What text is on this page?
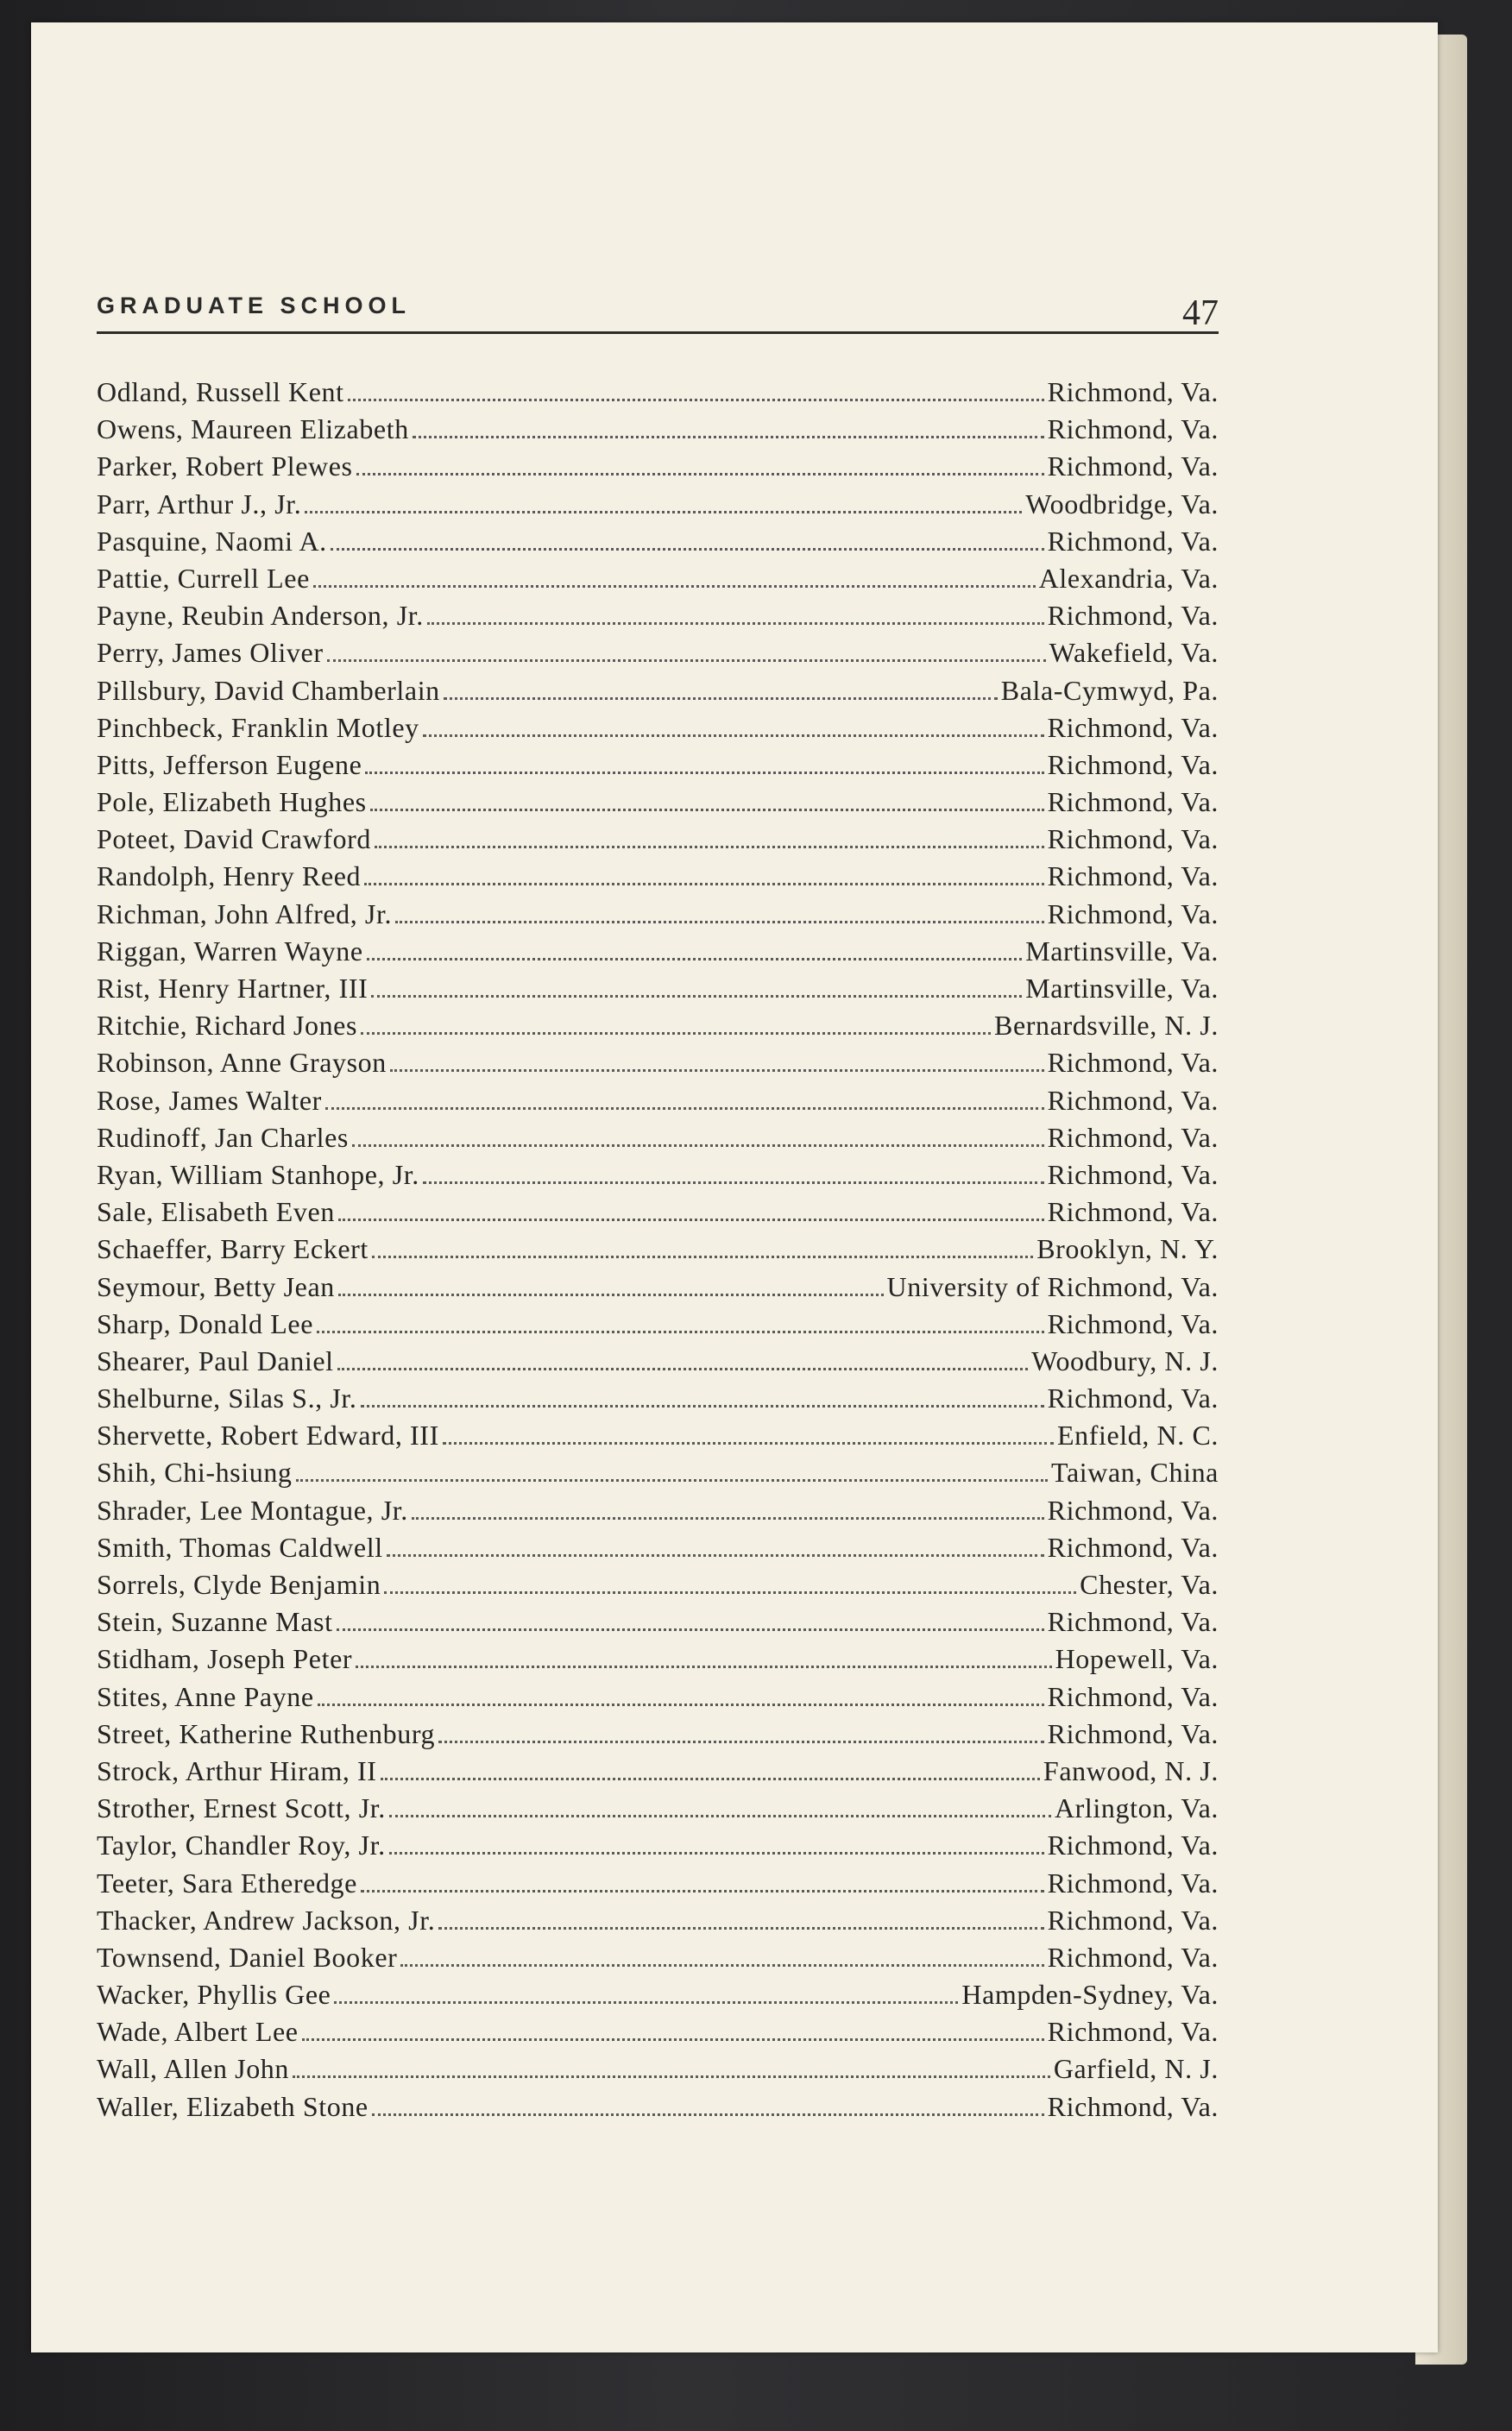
GRADUATE SCHOOL	47
Odland, Russell Kent	Richmond, Va.
Owens, Maureen Elizabeth	Richmond, Va.
Parker, Robert Plewes	Richmond, Va.
Parr, Arthur J., Jr.	Woodbridge, Va.
Pasquine, Naomi A.	Richmond, Va.
Pattie, Currell Lee	Alexandria, Va.
Payne, Reubin Anderson, Jr.	Richmond, Va.
Perry, James Oliver	Wakefield, Va.
Pillsbury, David Chamberlain	Bala-Cymwyd, Pa.
Pinchbeck, Franklin Motley	Richmond, Va.
Pitts, Jefferson Eugene	Richmond, Va.
Pole, Elizabeth Hughes	Richmond, Va.
Poteet, David Crawford	Richmond, Va.
Randolph, Henry Reed	Richmond, Va.
Richman, John Alfred, Jr.	Richmond, Va.
Riggan, Warren Wayne	Martinsville, Va.
Rist, Henry Hartner, III	Martinsville, Va.
Ritchie, Richard Jones	Bernardsville, N. J.
Robinson, Anne Grayson	Richmond, Va.
Rose, James Walter	Richmond, Va.
Rudinoff, Jan Charles	Richmond, Va.
Ryan, William Stanhope, Jr.	Richmond, Va.
Sale, Elisabeth Even	Richmond, Va.
Schaeffer, Barry Eckert	Brooklyn, N. Y.
Seymour, Betty Jean	University of Richmond, Va.
Sharp, Donald Lee	Richmond, Va.
Shearer, Paul Daniel	Woodbury, N. J.
Shelburne, Silas S., Jr.	Richmond, Va.
Shervette, Robert Edward, III	Enfield, N. C.
Shih, Chi-hsiung	Taiwan, China
Shrader, Lee Montague, Jr.	Richmond, Va.
Smith, Thomas Caldwell	Richmond, Va.
Sorrels, Clyde Benjamin	Chester, Va.
Stein, Suzanne Mast	Richmond, Va.
Stidham, Joseph Peter	Hopewell, Va.
Stites, Anne Payne	Richmond, Va.
Street, Katherine Ruthenburg	Richmond, Va.
Strock, Arthur Hiram, II	Fanwood, N. J.
Strother, Ernest Scott, Jr.	Arlington, Va.
Taylor, Chandler Roy, Jr.	Richmond, Va.
Teeter, Sara Etheredge	Richmond, Va.
Thacker, Andrew Jackson, Jr.	Richmond, Va.
Townsend, Daniel Booker	Richmond, Va.
Wacker, Phyllis Gee	Hampden-Sydney, Va.
Wade, Albert Lee	Richmond, Va.
Wall, Allen John	Garfield, N. J.
Waller, Elizabeth Stone	Richmond, Va.
